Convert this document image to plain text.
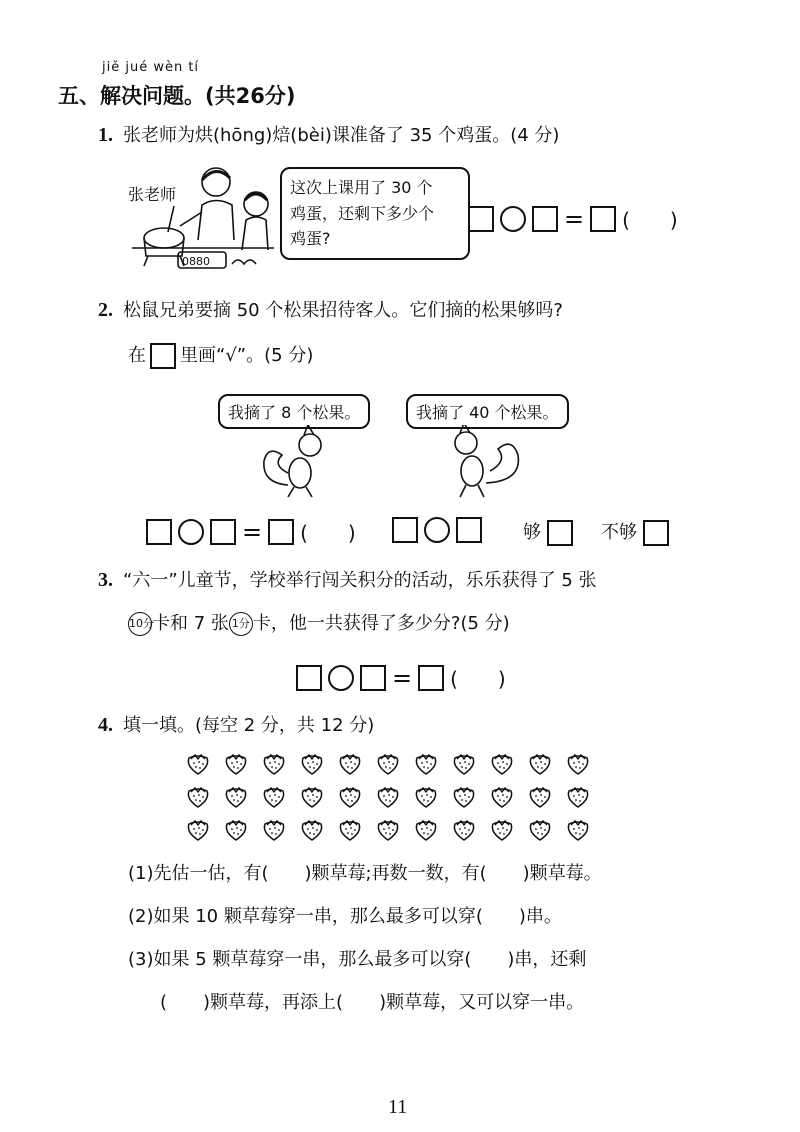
jiě jué wèn tí
五、解决问题。(共26分)
1. 张老师为烘(hōng)焙(bèi)课准备了 35 个鸡蛋。(4 分)
张老师
0880
这次上课用了 30 个
鸡蛋，还剩下多少个
鸡蛋?
= (　　)
2. 松鼠兄弟要摘 50 个松果招待客人。它们摘的松果够吗?
在 里画“√”。(5 分)
我摘了 8 个松果。	我摘了 40 个松果。
= (　　)	够	不够
3. “六一”儿童节，学校举行闯关积分的活动，乐乐获得了 5 张
10分
卡和 7 张 1分 卡，他一共获得了多少分?(5 分)
= (　　)
4. 填一填。(每空 2 分，共 12 分)
(1)先估一估，有(　　)颗草莓;再数一数，有(　　)颗草莓。
(2)如果 10 颗草莓穿一串，那么最多可以穿(　　)串。
(3)如果 5 颗草莓穿一串，那么最多可以穿(　　)串，还剩
(　　)颗草莓，再添上(　　)颗草莓，又可以穿一串。
11
